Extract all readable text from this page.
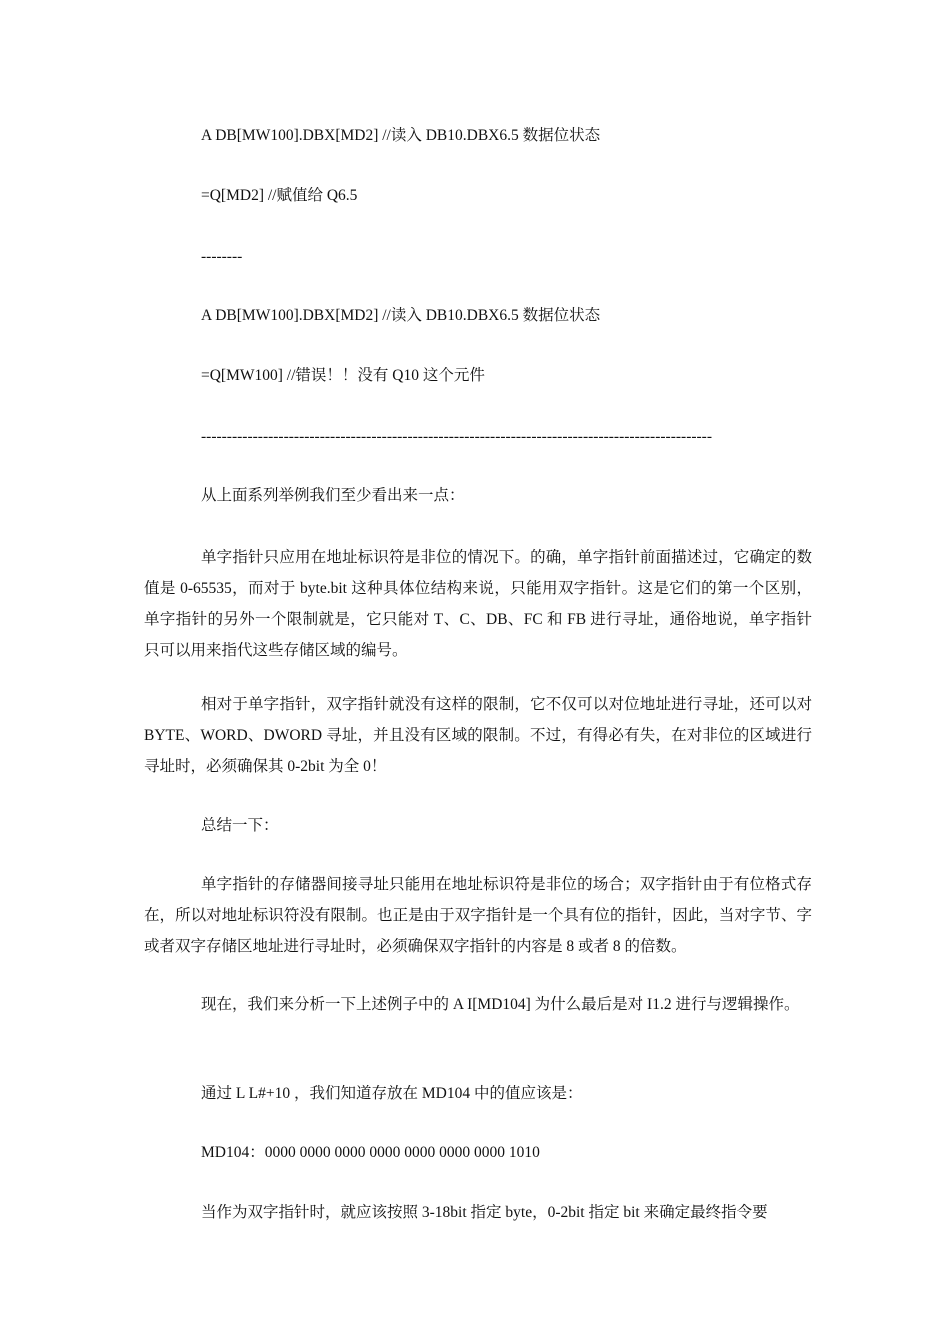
A DB[MW100].DBX[MD2] //读入 DB10.DBX6.5 数据位状态
=Q[MD2] //赋值给 Q6.5
--------
A DB[MW100].DBX[MD2] //读入 DB10.DBX6.5 数据位状态
=Q[MW100] //错误！！没有 Q10 这个元件
---------------------------------------------------------------------------------------------------
从上面系列举例我们至少看出来一点：
单字指针只应用在地址标识符是非位的情况下。的确，单字指针前面描述过，它确定的数值是 0-65535，而对于 byte.bit 这种具体位结构来说，只能用双字指针。这是它们的第一个区别，单字指针的另外一个限制就是，它只能对 T、C、DB、FC 和 FB 进行寻址，通俗地说，单字指针只可以用来指代这些存储区域的编号。
相对于单字指针，双字指针就没有这样的限制，它不仅可以对位地址进行寻址，还可以对 BYTE、WORD、DWORD 寻址，并且没有区域的限制。不过，有得必有失，在对非位的区域进行寻址时，必须确保其 0-2bit 为全 0！
总结一下：
单字指针的存储器间接寻址只能用在地址标识符是非位的场合；双字指针由于有位格式存在，所以对地址标识符没有限制。也正是由于双字指针是一个具有位的指针，因此，当对字节、字或者双字存储区地址进行寻址时，必须确保双字指针的内容是 8 或者 8 的倍数。
现在，我们来分析一下上述例子中的 A I[MD104] 为什么最后是对 I1.2 进行与逻辑操作。
通过 L L#+10 ，我们知道存放在 MD104 中的值应该是：
MD104：0000 0000 0000 0000 0000 0000 0000 1010
当作为双字指针时，就应该按照 3-18bit 指定 byte，0-2bit 指定 bit 来确定最终指令要
